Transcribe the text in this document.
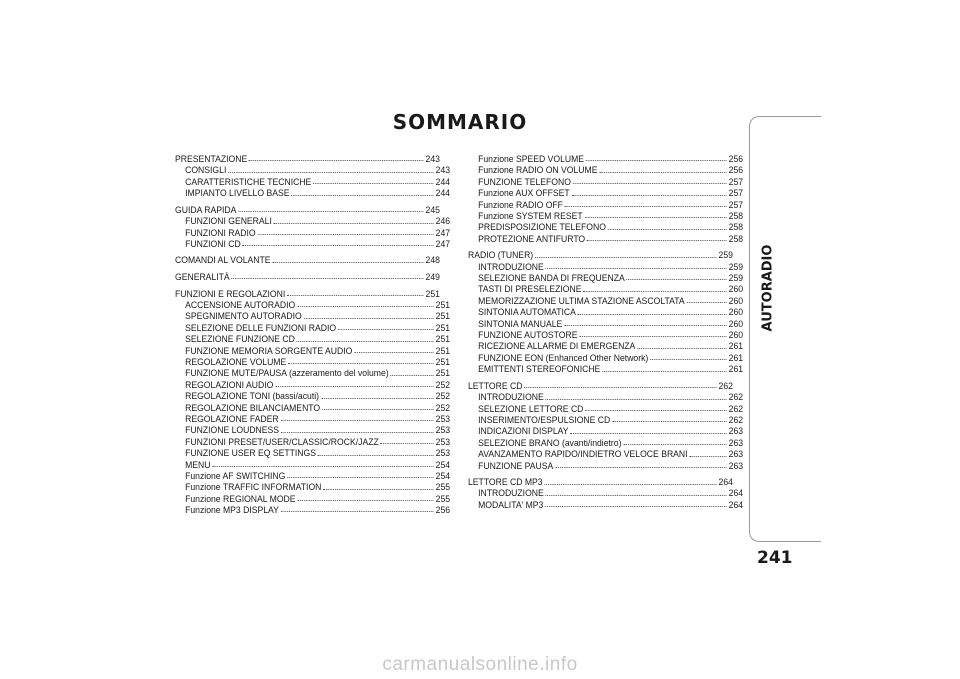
SOMMARIO
PRESENTAZIONE	243
CONSIGLI	243
CARATTERISTICHE TECNICHE	244
IMPIANTO LIVELLO BASE	244
GUIDA RAPIDA	245
FUNZIONI GENERALI	246
FUNZIONI RADIO	247
FUNZIONI CD	247
COMANDI AL VOLANTE	248
GENERALITÀ	249
FUNZIONI E REGOLAZIONI	251
ACCENSIONE AUTORADIO	251
SPEGNIMENTO AUTORADIO	251
SELEZIONE DELLE FUNZIONI RADIO	251
SELEZIONE FUNZIONE CD	251
FUNZIONE MEMORIA SORGENTE AUDIO	251
REGOLAZIONE VOLUME	251
FUNZIONE MUTE/PAUSA (azzeramento del volume)	251
REGOLAZIONI AUDIO	252
REGOLAZIONE TONI (bassi/acuti)	252
REGOLAZIONE BILANCIAMENTO	252
REGOLAZIONE FADER	253
FUNZIONE LOUDNESS	253
FUNZIONI PRESET/USER/CLASSIC/ROCK/JAZZ	253
FUNZIONE USER EQ SETTINGS	253
MENU	254
Funzione AF SWITCHING	254
Funzione TRAFFIC INFORMATION	255
Funzione REGIONAL MODE	255
Funzione MP3 DISPLAY	256
Funzione SPEED VOLUME	256
Funzione RADIO ON VOLUME	256
FUNZIONE TELEFONO	257
Funzione AUX OFFSET	257
Funzione RADIO OFF	257
Funzione SYSTEM RESET	258
PREDISPOSIZIONE TELEFONO	258
PROTEZIONE ANTIFURTO	258
RADIO (TUNER)	259
INTRODUZIONE	259
SELEZIONE BANDA DI FREQUENZA	259
TASTI DI PRESELEZIONE	260
MEMORIZZAZIONE ULTIMA STAZIONE ASCOLTATA	260
SINTONIA AUTOMATICA	260
SINTONIA MANUALE	260
FUNZIONE AUTOSTORE	260
RICEZIONE ALLARME DI EMERGENZA	261
FUNZIONE EON (Enhanced Other Network)	261
EMITTENTI STEREOFONICHE	261
LETTORE CD	262
INTRODUZIONE	262
SELEZIONE LETTORE CD	262
INSERIMENTO/ESPULSIONE CD	262
INDICAZIONI DISPLAY	263
SELEZIONE BRANO (avanti/indietro)	263
AVANZAMENTO RAPIDO/INDIETRO VELOCE BRANI	263
FUNZIONE PAUSA	263
LETTORE CD MP3	264
INTRODUZIONE	264
MODALITA' MP3	264
AUTORADIO
241
carmanualsonline.info
